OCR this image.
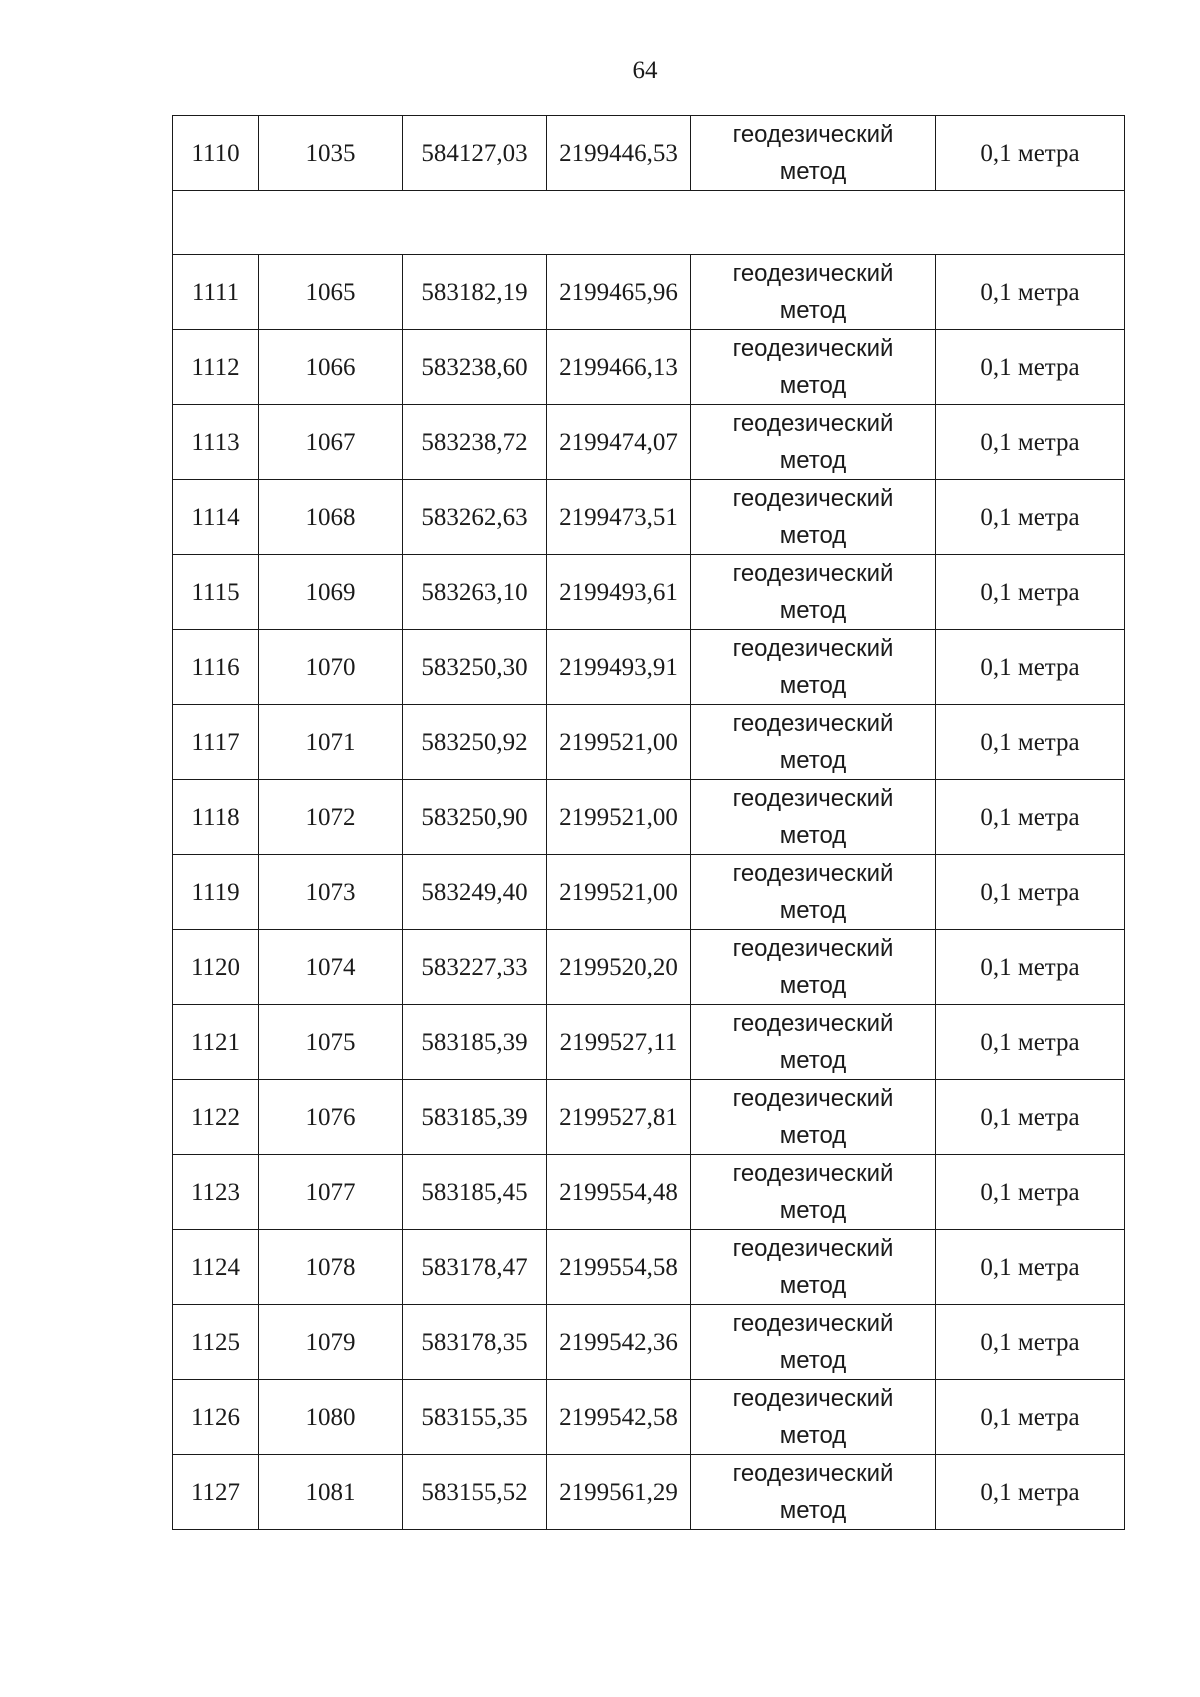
64
1110	1035	584127,03	2199446,53	геодезический
метод	0,1 метра

1111	1065	583182,19	2199465,96	геодезический
метод	0,1 метра
1112	1066	583238,60	2199466,13	геодезический
метод	0,1 метра
1113	1067	583238,72	2199474,07	геодезический
метод	0,1 метра
1114	1068	583262,63	2199473,51	геодезический
метод	0,1 метра
1115	1069	583263,10	2199493,61	геодезический
метод	0,1 метра
1116	1070	583250,30	2199493,91	геодезический
метод	0,1 метра
1117	1071	583250,92	2199521,00	геодезический
метод	0,1 метра
1118	1072	583250,90	2199521,00	геодезический
метод	0,1 метра
1119	1073	583249,40	2199521,00	геодезический
метод	0,1 метра
1120	1074	583227,33	2199520,20	геодезический
метод	0,1 метра
1121	1075	583185,39	2199527,11	геодезический
метод	0,1 метра
1122	1076	583185,39	2199527,81	геодезический
метод	0,1 метра
1123	1077	583185,45	2199554,48	геодезический
метод	0,1 метра
1124	1078	583178,47	2199554,58	геодезический
метод	0,1 метра
1125	1079	583178,35	2199542,36	геодезический
метод	0,1 метра
1126	1080	583155,35	2199542,58	геодезический
метод	0,1 метра
1127	1081	583155,52	2199561,29	геодезический
метод	0,1 метра
